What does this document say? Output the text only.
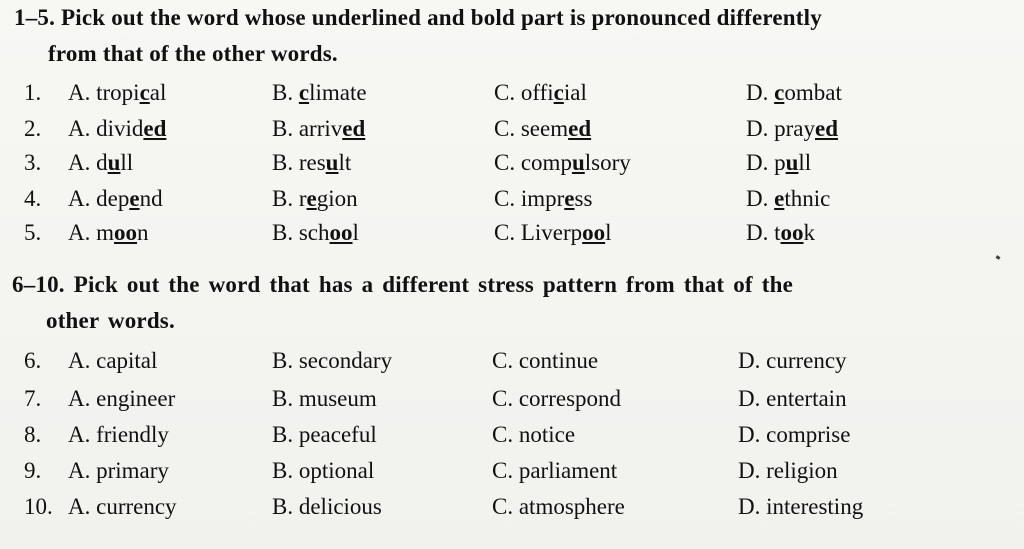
1–5. Pick out the word whose underlined and bold part is pronounced differently
from that of the other words.
1. A. tropical	B. climate	C. official	D. combat
2. A. divided	B. arrived	C. seemed	D. prayed
3. A. dull	B. result	C. compulsory	D. pull
4. A. depend	B. region	C. impress	D. ethnic
5. A. moon	B. school	C. Liverpool	D. took
6–10. Pick out the word that has a different stress pattern from that of the
other words.
6. A. capital	B. secondary	C. continue	D. currency
7. A. engineer	B. museum	C. correspond	D. entertain
8. A. friendly	B. peaceful	C. notice	D. comprise
9. A. primary	B. optional	C. parliament	D. religion
10. A. currency	B. delicious	C. atmosphere	D. interesting
